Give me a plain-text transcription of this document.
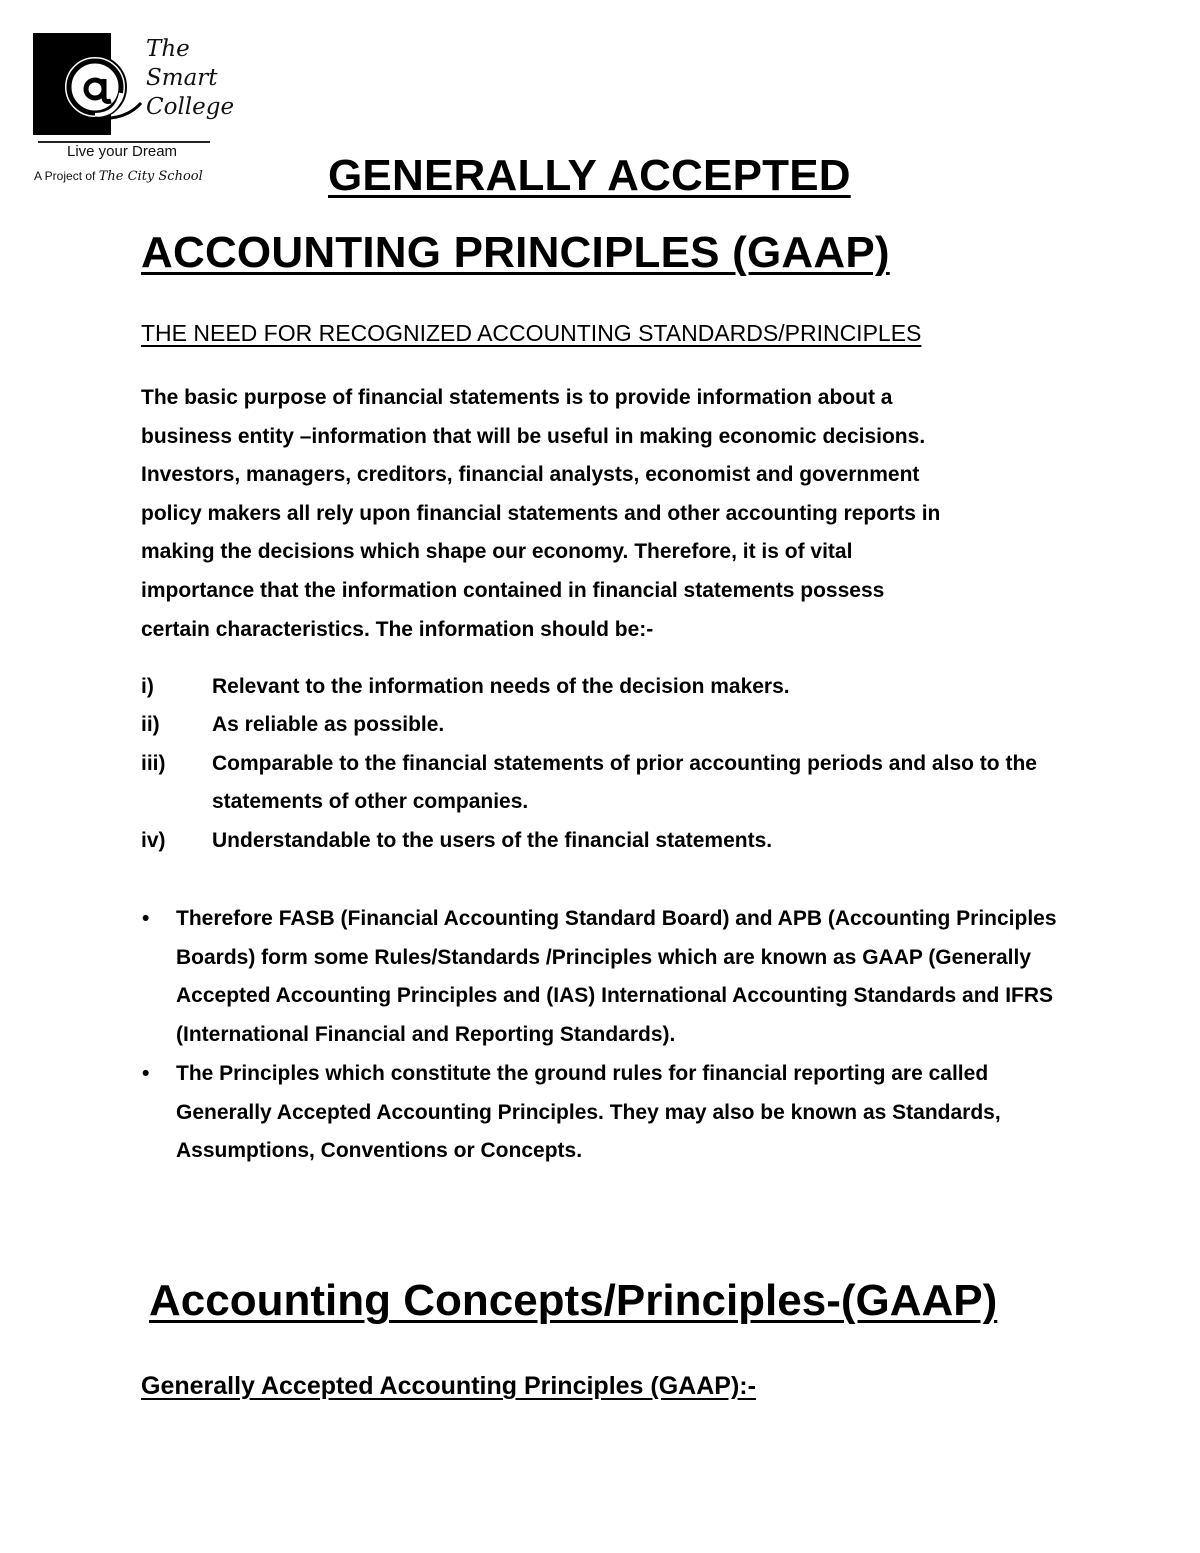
The
Smart
College
Live your Dream
A Project of The City School	GENERALLY ACCEPTED
ACCOUNTING PRINCIPLES (GAAP)
THE NEED FOR RECOGNIZED ACCOUNTING STANDARDS/PRINCIPLES
The basic purpose of financial statements is to provide information about a
business entity –information that will be useful in making economic decisions.
Investors, managers, creditors, financial analysts, economist and government
policy makers all rely upon financial statements and other accounting reports in
making the decisions which shape our economy. Therefore, it is of vital
importance that the information contained in financial statements possess
certain characteristics. The information should be:-
i)	Relevant to the information needs of the decision makers.
ii) As reliable as possible.
iii) Comparable to the financial statements of prior accounting periods and also to the statements of other companies.
iv) Understandable to the users of the financial statements.
• Therefore FASB (Financial Accounting Standard Board) and APB (Accounting Principles Boards) form some Rules/Standards /Principles which are known as GAAP (Generally Accepted Accounting Principles and (IAS) International Accounting Standards and IFRS (International Financial and Reporting Standards).
• The Principles which constitute the ground rules for financial reporting are called Generally Accepted Accounting Principles. They may also be known as Standards, Assumptions, Conventions or Concepts.
Accounting Concepts/Principles-(GAAP)
Generally Accepted Accounting Principles (GAAP):-
